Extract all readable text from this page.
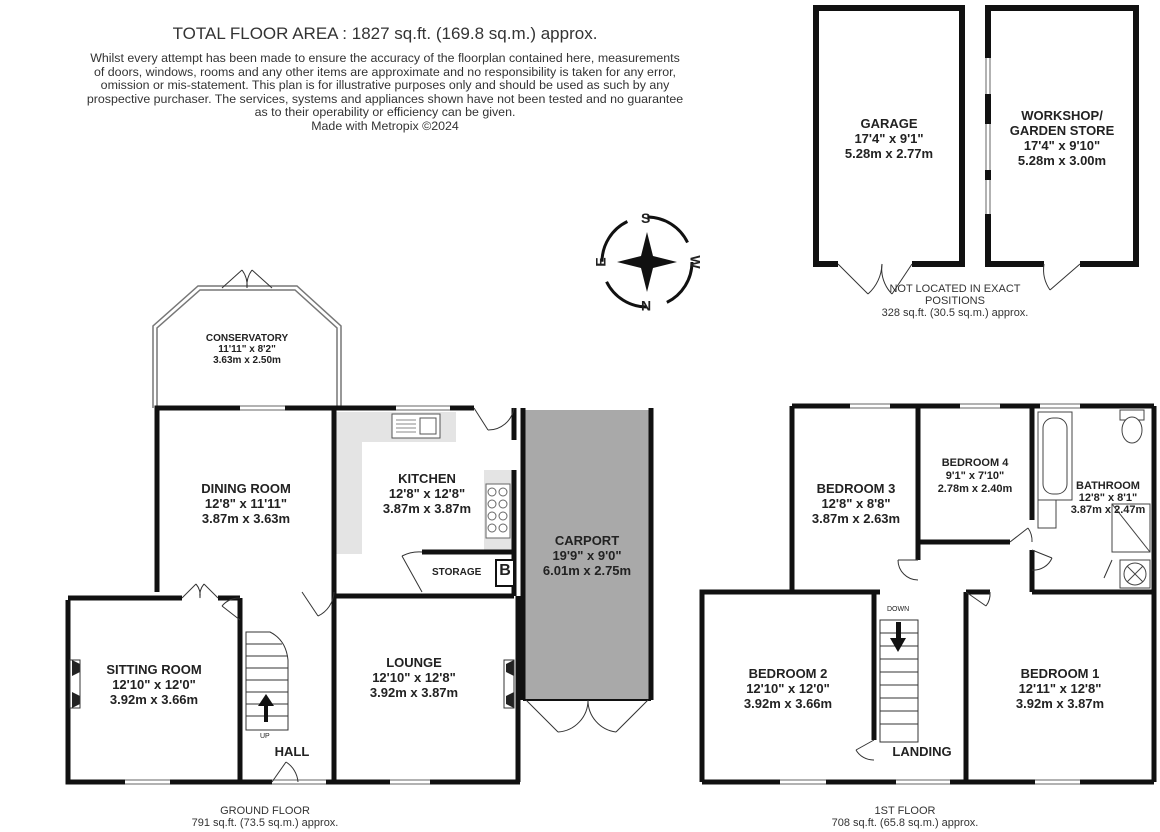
TOTAL FLOOR AREA : 1827 sq.ft. (169.8 sq.m.) approx.
Whilst every attempt has been made to ensure the accuracy of the floorplan contained here, measurements
of doors, windows, rooms and any other items are approximate and no responsibility is taken for any error,
omission or mis-statement. This plan is for illustrative purposes only and should be used as such by any
prospective purchaser. The services, systems and appliances shown have not been tested and no guarantee
as to their operability or efficiency can be given.
Made with Metropix ©2024
S
W
N
E
GARAGE
17'4" x 9'1"
5.28m x 2.77m
WORKSHOP/
GARDEN STORE
17'4" x 9'10"
5.28m x 3.00m
NOT LOCATED IN EXACT
POSITIONS
328 sq.ft. (30.5 sq.m.) approx.
CONSERVATORY
11'11" x 8'2"
3.63m x 2.50m
DINING ROOM
12'8" x 11'11"
3.87m x 3.63m
KITCHEN
12'8" x 12'8"
3.87m x 3.87m
CARPORT
19'9" x 9'0"
6.01m x 2.75m
STORAGE B
SITTING ROOM
12'10" x 12'0"
3.92m x 3.66m
LOUNGE
12'10" x 12'8"
3.92m x 3.87m
HALL
UP
GROUND FLOOR
791 sq.ft. (73.5 sq.m.) approx.
BEDROOM 3
12'8" x 8'8"
3.87m x 2.63m
BEDROOM 4
9'1" x 7'10"
2.78m x 2.40m	BATHROOM
12'8" x 8'1"
3.87m x 2.47m
BEDROOM 2
12'10" x 12'0"
3.92m x 3.66m
BEDROOM 1
12'11" x 12'8"
3.92m x 3.87m
LANDING
DOWN
1ST FLOOR
708 sq.ft. (65.8 sq.m.) approx.
